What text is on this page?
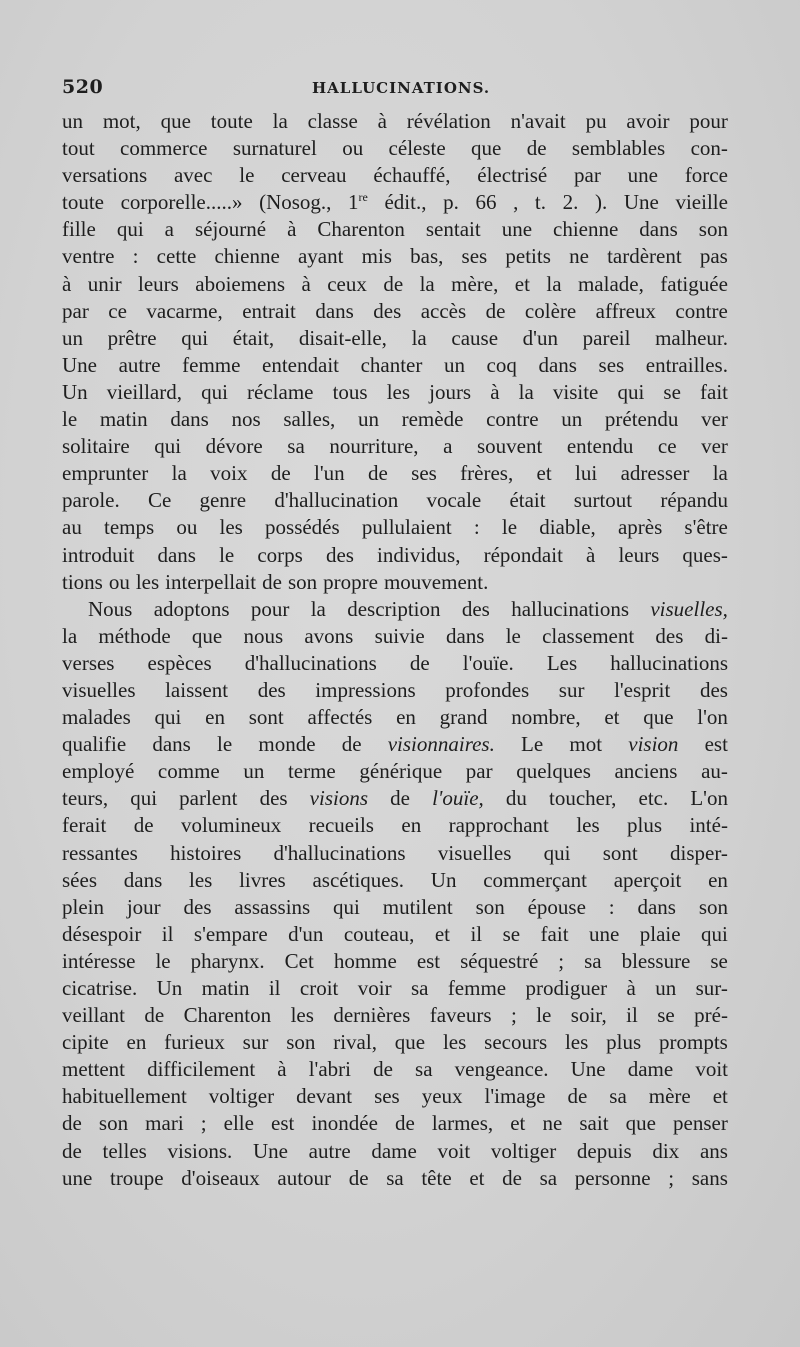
520	HALLUCINATIONS.
un mot, que toute la classe à révélation n'avait pu avoir pour
tout commerce surnaturel ou céleste que de semblables con-
versations avec le cerveau échauffé, électrisé par une force
toute corporelle.....» (Nosog., 1re édit., p. 66 , t. 2. ). Une vieille
fille qui a séjourné à Charenton sentait une chienne dans son
ventre : cette chienne ayant mis bas, ses petits ne tardèrent pas
à unir leurs aboiemens à ceux de la mère, et la malade, fatiguée
par ce vacarme, entrait dans des accès de colère affreux contre
un prêtre qui était, disait-elle, la cause d'un pareil malheur.
Une autre femme entendait chanter un coq dans ses entrailles.
Un vieillard, qui réclame tous les jours à la visite qui se fait
le matin dans nos salles, un remède contre un prétendu ver
solitaire qui dévore sa nourriture, a souvent entendu ce ver
emprunter la voix de l'un de ses frères, et lui adresser la
parole. Ce genre d'hallucination vocale était surtout répandu
au temps ou les possédés pullulaient : le diable, après s'être
introduit dans le corps des individus, répondait à leurs ques-
tions ou les interpellait de son propre mouvement.
Nous adoptons pour la description des hallucinations visuelles,
la méthode que nous avons suivie dans le classement des di-
verses espèces d'hallucinations de l'ouïe. Les hallucinations
visuelles laissent des impressions profondes sur l'esprit des
malades qui en sont affectés en grand nombre, et que l'on
qualifie dans le monde de visionnaires. Le mot vision est
employé comme un terme générique par quelques anciens au-
teurs, qui parlent des visions de l'ouïe, du toucher, etc. L'on
ferait de volumineux recueils en rapprochant les plus inté-
ressantes histoires d'hallucinations visuelles qui sont disper-
sées dans les livres ascétiques. Un commerçant aperçoit en
plein jour des assassins qui mutilent son épouse : dans son
désespoir il s'empare d'un couteau, et il se fait une plaie qui
intéresse le pharynx. Cet homme est séquestré ; sa blessure se
cicatrise. Un matin il croit voir sa femme prodiguer à un sur-
veillant de Charenton les dernières faveurs ; le soir, il se pré-
cipite en furieux sur son rival, que les secours les plus prompts
mettent difficilement à l'abri de sa vengeance. Une dame voit
habituellement voltiger devant ses yeux l'image de sa mère et
de son mari ; elle est inondée de larmes, et ne sait que penser
de telles visions. Une autre dame voit voltiger depuis dix ans
une troupe d'oiseaux autour de sa tête et de sa personne ; sans
